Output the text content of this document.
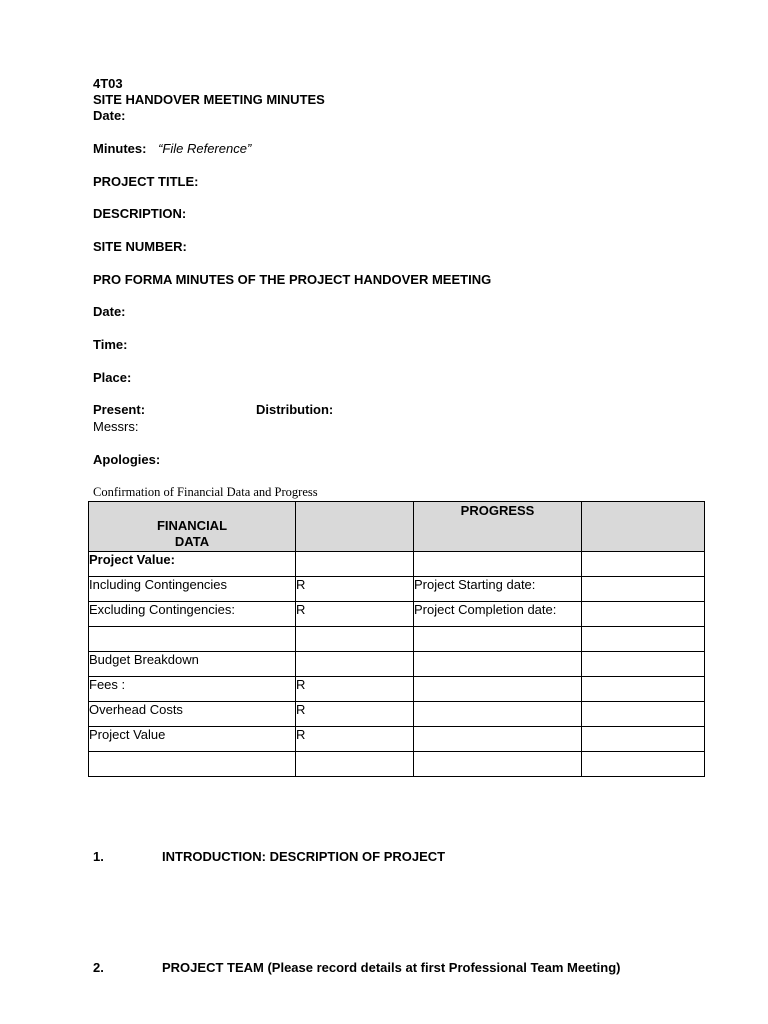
4T03
SITE HANDOVER MEETING MINUTES
Date:
Minutes: “File Reference”
PROJECT TITLE:
DESCRIPTION:
SITE NUMBER:
PRO FORMA MINUTES OF THE PROJECT HANDOVER MEETING
Date:
Time:
Place:
Present:	Distribution:
Messrs:
Apologies:
Confirmation of Financial Data and Progress
FINANCIAL
DATA		PROGRESS	
Project Value:			
Including Contingencies	R	Project Starting date:	
Excluding Contingencies:	R	Project Completion date:	

Budget Breakdown			
Fees :	R		
Overhead Costs	R		
Project Value	R		

1.	INTRODUCTION: DESCRIPTION OF PROJECT
2.	PROJECT TEAM (Please record details at first Professional Team Meeting)
